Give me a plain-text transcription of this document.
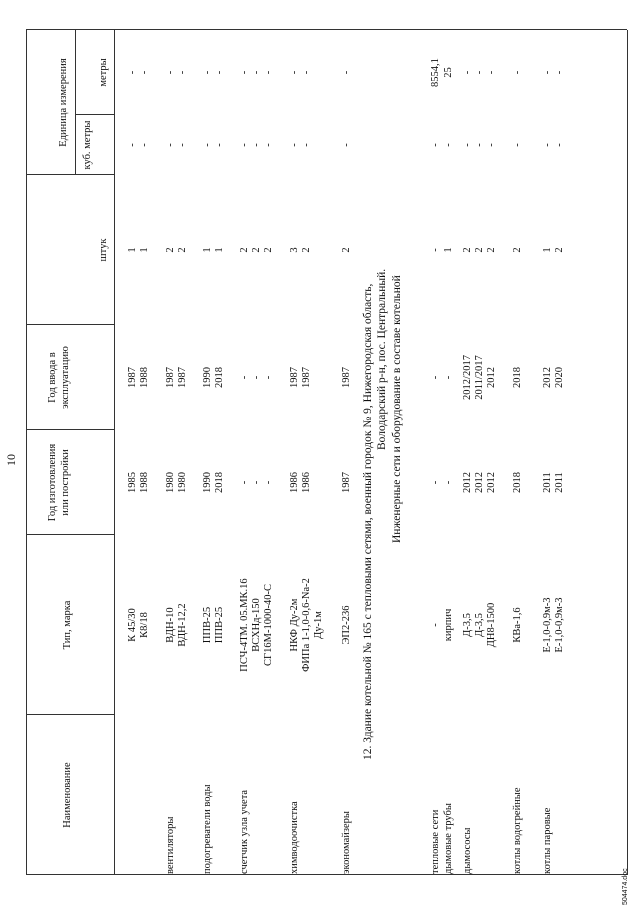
10
Наименование
Тип, марка
Год изготовления или постройки
Год ввода в эксплуатацию
Единица измерения
штук
куб. метры
метры
12. Здание котельной № 165 с тепловыми сетями, военный городок № 9, Нижегородская область, Володарский р-н, пос. Центральный. Инженерные сети и оборудование в составе котельной
К 45/30
1985
1987
1
-
-
К8/18
1988
1988
1
-
-
вентиляторы
ВДН-10
1980
1987
2
-
-
ВДН-12,2
1980
1987
2
-
-
подогреватели воды
ППВ-25
1990
1990
1
-
-
ППВ-25
2018
2018
1
-
-
счетчик узла учета
ПСЧ-4ТМ. 05.МК.16
-
-
2
-
-
ВСХНд-150
-
-
2
-
-
СГ16М-1000-40-С
-
-
2
-
-
химводоочистка
НКФ Ду-2м
1986
1987
3
-
-
ФИПа 1-1,0-0,6-Na-2
1986
1987
2
-
-
Ду-1м
экономайзеры
ЭП2-236
1987
1987
2
-
-
тепловые сети
-
-
-
-
-
8554,1
дымовые трубы
кирпич
-
-
1
-
25
дымососы
Д-3,5
2012
2012/2017
2
-
-
Д-3,5
2012
2011/2017
2
-
-
ДН8-1500
2012
2012
2
-
-
котлы водогрейные
КВа-1,6
2018
2018
2
-
-
котлы паровые
Е-1,0-0,9м-3
2011
2012
1
-
-
Е-1,0-0,9м-3
2011
2020
2
-
-
504474.doc
